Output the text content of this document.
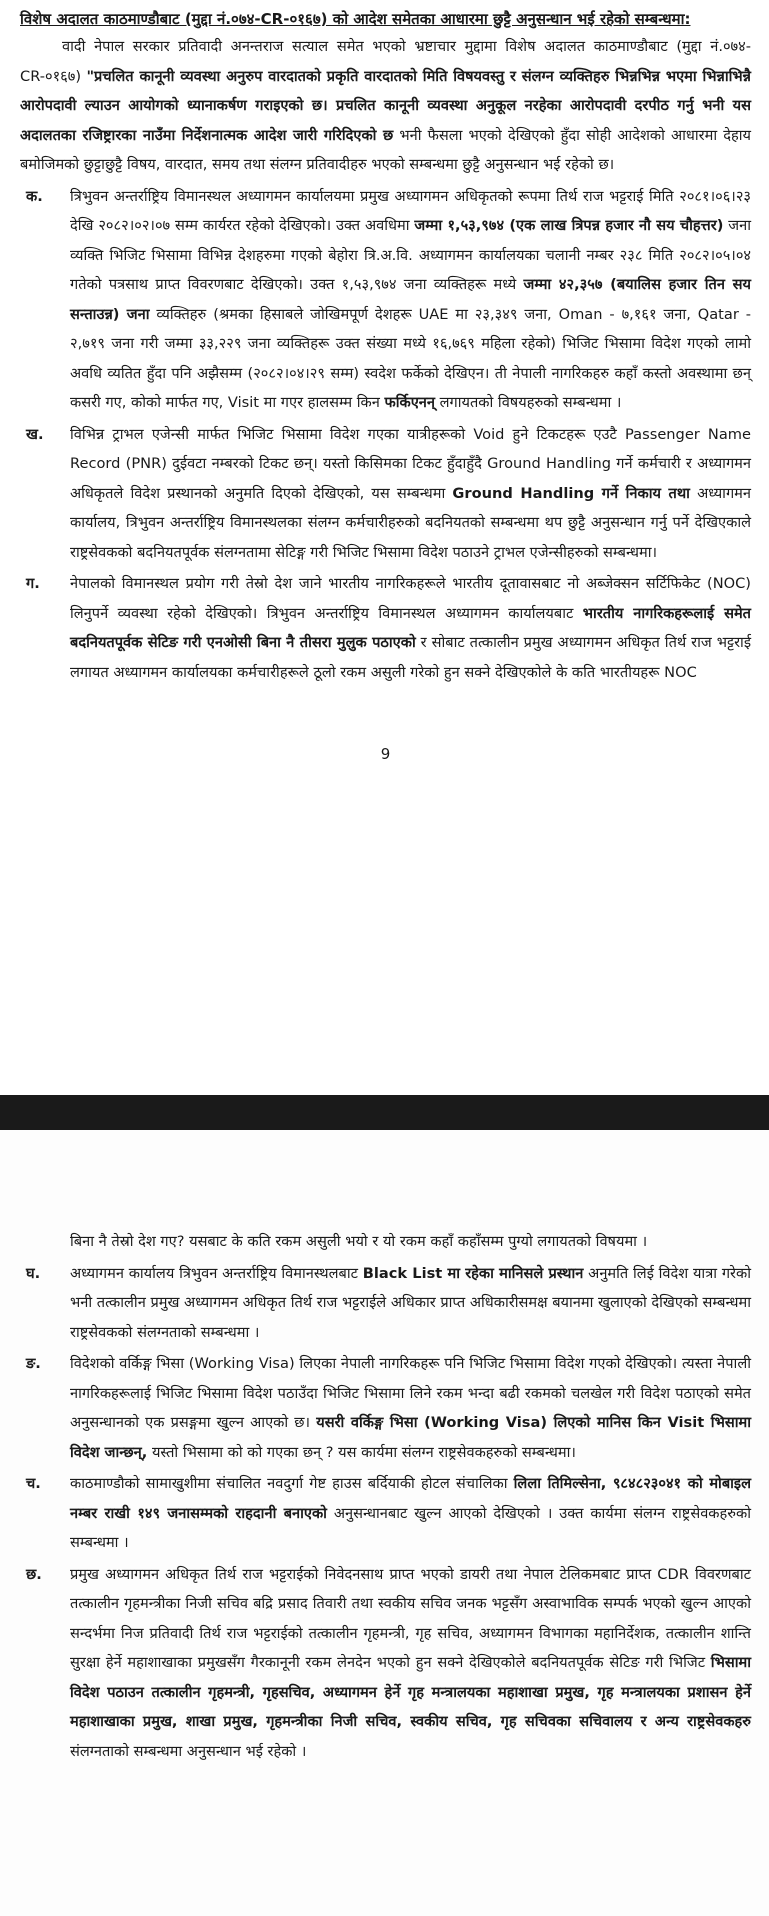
विशेष अदालत काठमाण्डौबाट (मुद्दा नं.०७४-CR-०१६७) को आदेश समेतका आधारमा छुट्टै अनुसन्धान भई रहेको सम्बन्धमा:

वादी नेपाल सरकार प्रतिवादी अनन्तराज सत्याल समेत भएको भ्रष्टाचार मुद्दामा विशेष अदालत काठमाण्डौबाट (मुद्दा नं.०७४-CR-०१६७) "प्रचलित कानूनी व्यवस्था अनुरुप वारदातको प्रकृति वारदातको मिति विषयवस्तु र संलग्न व्यक्तिहरु भिन्नभिन्न भएमा भिन्नाभिन्नै आरोपदावी ल्याउन आयोगको ध्यानाकर्षण गराइएको छ। प्रचलित कानूनी व्यवस्था अनुकूल नरहेका आरोपदावी दरपीठ गर्नु भनी यस अदालतका रजिष्ट्रारका नाउँमा निर्देशनात्मक आदेश जारी गरिदिएको छ भनी फैसला भएको देखिएको हुँदा सोही आदेशको आधारमा देहाय बमोजिमको छुट्टाछुट्टै विषय, वारदात, समय तथा संलग्न प्रतिवादीहरु भएको सम्बन्धमा छुट्टै अनुसन्धान भई रहेको छ।

क. त्रिभुवन अन्तर्राष्ट्रिय विमानस्थल अध्यागमन कार्यालयमा प्रमुख अध्यागमन अधिकृतको रूपमा तिर्थ राज भट्टराई मिति २०८१।०६।२३ देखि २०८२।०२।०७ सम्म कार्यरत रहेको देखिएको। उक्त अवधिमा जम्मा १,५३,९७४ (एक लाख त्रिपन्न हजार नौ सय चौहत्तर) जना व्यक्ति भिजिट भिसामा विभिन्न देशहरुमा गएको बेहोरा त्रि.अ.वि. अध्यागमन कार्यालयका चलानी नम्बर २३८ मिति २०८२।०५।०४ गतेको पत्रसाथ प्राप्त विवरणबाट देखिएको। उक्त १,५३,९७४ जना व्यक्तिहरू मध्ये जम्मा ४२,३५७ (बयालिस हजार तिन सय सन्ताउन्न) जना व्यक्तिहरु (श्रमका हिसाबले जोखिमपूर्ण देशहरू UAE मा २३,३४९ जना, Oman - ७,१६१ जना, Qatar - २,७१९ जना गरी जम्मा ३३,२२९ जना व्यक्तिहरू उक्त संख्या मध्ये १६,७६९ महिला रहेको) भिजिट भिसामा विदेश गएको लामो अवधि व्यतित हुँदा पनि अझैसम्म (२०८२।०४।२९ सम्म) स्वदेश फर्केको देखिएन। ती नेपाली नागरिकहरु कहाँ कस्तो अवस्थामा छन् कसरी गए, कोको मार्फत गए, Visit मा गएर हालसम्म किन फर्किएनन् लगायतको विषयहरुको सम्बन्धमा ।

ख. विभिन्न ट्राभल एजेन्सी मार्फत भिजिट भिसामा विदेश गएका यात्रीहरूको Void हुने टिकटहरू एउटै Passenger Name Record (PNR) दुईवटा नम्बरको टिकट छन्। यस्तो किसिमका टिकट हुँदाहुँदै Ground Handling गर्ने कर्मचारी र अध्यागमन अधिकृतले विदेश प्रस्थानको अनुमति दिएको देखिएको, यस सम्बन्धमा Ground Handling गर्ने निकाय तथा अध्यागमन कार्यालय, त्रिभुवन अन्तर्राष्ट्रिय विमानस्थलका संलग्न कर्मचारीहरुको बदनियतको सम्बन्धमा थप छुट्टै अनुसन्धान गर्नु पर्ने देखिएकाले राष्ट्रसेवकको बदनियतपूर्वक संलग्नतामा सेटिङ्ग गरी भिजिट भिसामा विदेश पठाउने ट्राभल एजेन्सीहरुको सम्बन्धमा।

ग. नेपालको विमानस्थल प्रयोग गरी तेस्रो देश जाने भारतीय नागरिकहरूले भारतीय दूतावासबाट नो अब्जेक्सन सर्टिफिकेट (NOC) लिनुपर्ने व्यवस्था रहेको देखिएको। त्रिभुवन अन्तर्राष्ट्रिय विमानस्थल अध्यागमन कार्यालयबाट भारतीय नागरिकहरूलाई समेत बदनियतपूर्वक सेटिङ गरी एनओसी बिना नै तीसरा मुलुक पठाएको र सोबाट तत्कालीन प्रमुख अध्यागमन अधिकृत तिर्थ राज भट्टराई लगायत अध्यागमन कार्यालयका कर्मचारीहरूले ठूलो रकम असुली गरेको हुन सक्ने देखिएकोले के कति भारतीयहरू NOC

9

बिना नै तेस्रो देश गए? यसबाट के कति रकम असुली भयो र यो रकम कहाँ कहाँसम्म पुग्यो लगायतको विषयमा ।

घ. अध्यागमन कार्यालय त्रिभुवन अन्तर्राष्ट्रिय विमानस्थलबाट Black List मा रहेका मानिसले प्रस्थान अनुमति लिई विदेश यात्रा गरेको भनी तत्कालीन प्रमुख अध्यागमन अधिकृत तिर्थ राज भट्टराईले अधिकार प्राप्त अधिकारीसमक्ष बयानमा खुलाएको देखिएको सम्बन्धमा राष्ट्रसेवकको संलग्नताको सम्बन्धमा ।

ङ. विदेशको वर्किङ्ग भिसा (Working Visa) लिएका नेपाली नागरिकहरू पनि भिजिट भिसामा विदेश गएको देखिएको। त्यस्ता नेपाली नागरिकहरूलाई भिजिट भिसामा विदेश पठाउँदा भिजिट भिसामा लिने रकम भन्दा बढी रकमको चलखेल गरी विदेश पठाएको समेत अनुसन्धानको एक प्रसङ्गमा खुल्न आएको छ। यसरी वर्किङ्ग भिसा (Working Visa) लिएको मानिस किन Visit भिसामा विदेश जान्छन्, यस्तो भिसामा को को गएका छन् ? यस कार्यमा संलग्न राष्ट्रसेवकहरुको सम्बन्धमा।

च. काठमाण्डौको सामाखुशीमा संचालित नवदुर्गा गेष्ट हाउस बर्दियाकी होटल संचालिका लिला तिमिल्सेना, ९८४८२३०४१ को मोबाइल नम्बर राखी १४९ जनासम्मको राहदानी बनाएको अनुसन्धानबाट खुल्न आएको देखिएको । उक्त कार्यमा संलग्न राष्ट्रसेवकहरुको सम्बन्धमा ।

छ. प्रमुख अध्यागमन अधिकृत तिर्थ राज भट्टराईको निवेदनसाथ प्राप्त भएको डायरी तथा नेपाल टेलिकमबाट प्राप्त CDR विवरणबाट तत्कालीन गृहमन्त्रीका निजी सचिव बद्रि प्रसाद तिवारी तथा स्वकीय सचिव जनक भट्टसँग अस्वाभाविक सम्पर्क भएको खुल्न आएको सन्दर्भमा निज प्रतिवादी तिर्थ राज भट्टराईको तत्कालीन गृहमन्त्री, गृह सचिव, अध्यागमन विभागका महानिर्देशक, तत्कालीन शान्ति सुरक्षा हेर्ने महाशाखाका प्रमुखसँग गैरकानूनी रकम लेनदेन भएको हुन सक्ने देखिएकोले बदनियतपूर्वक सेटिङ गरी भिजिट भिसामा विदेश पठाउन तत्कालीन गृहमन्त्री, गृहसचिव, अध्यागमन हेर्ने गृह मन्त्रालयका महाशाखा प्रमुख, गृह मन्त्रालयका प्रशासन हेर्ने महाशाखाका प्रमुख, शाखा प्रमुख, गृहमन्त्रीका निजी सचिव, स्वकीय सचिव, गृह सचिवका सचिवालय र अन्य राष्ट्रसेवकहरु संलग्नताको सम्बन्धमा अनुसन्धान भई रहेको ।
